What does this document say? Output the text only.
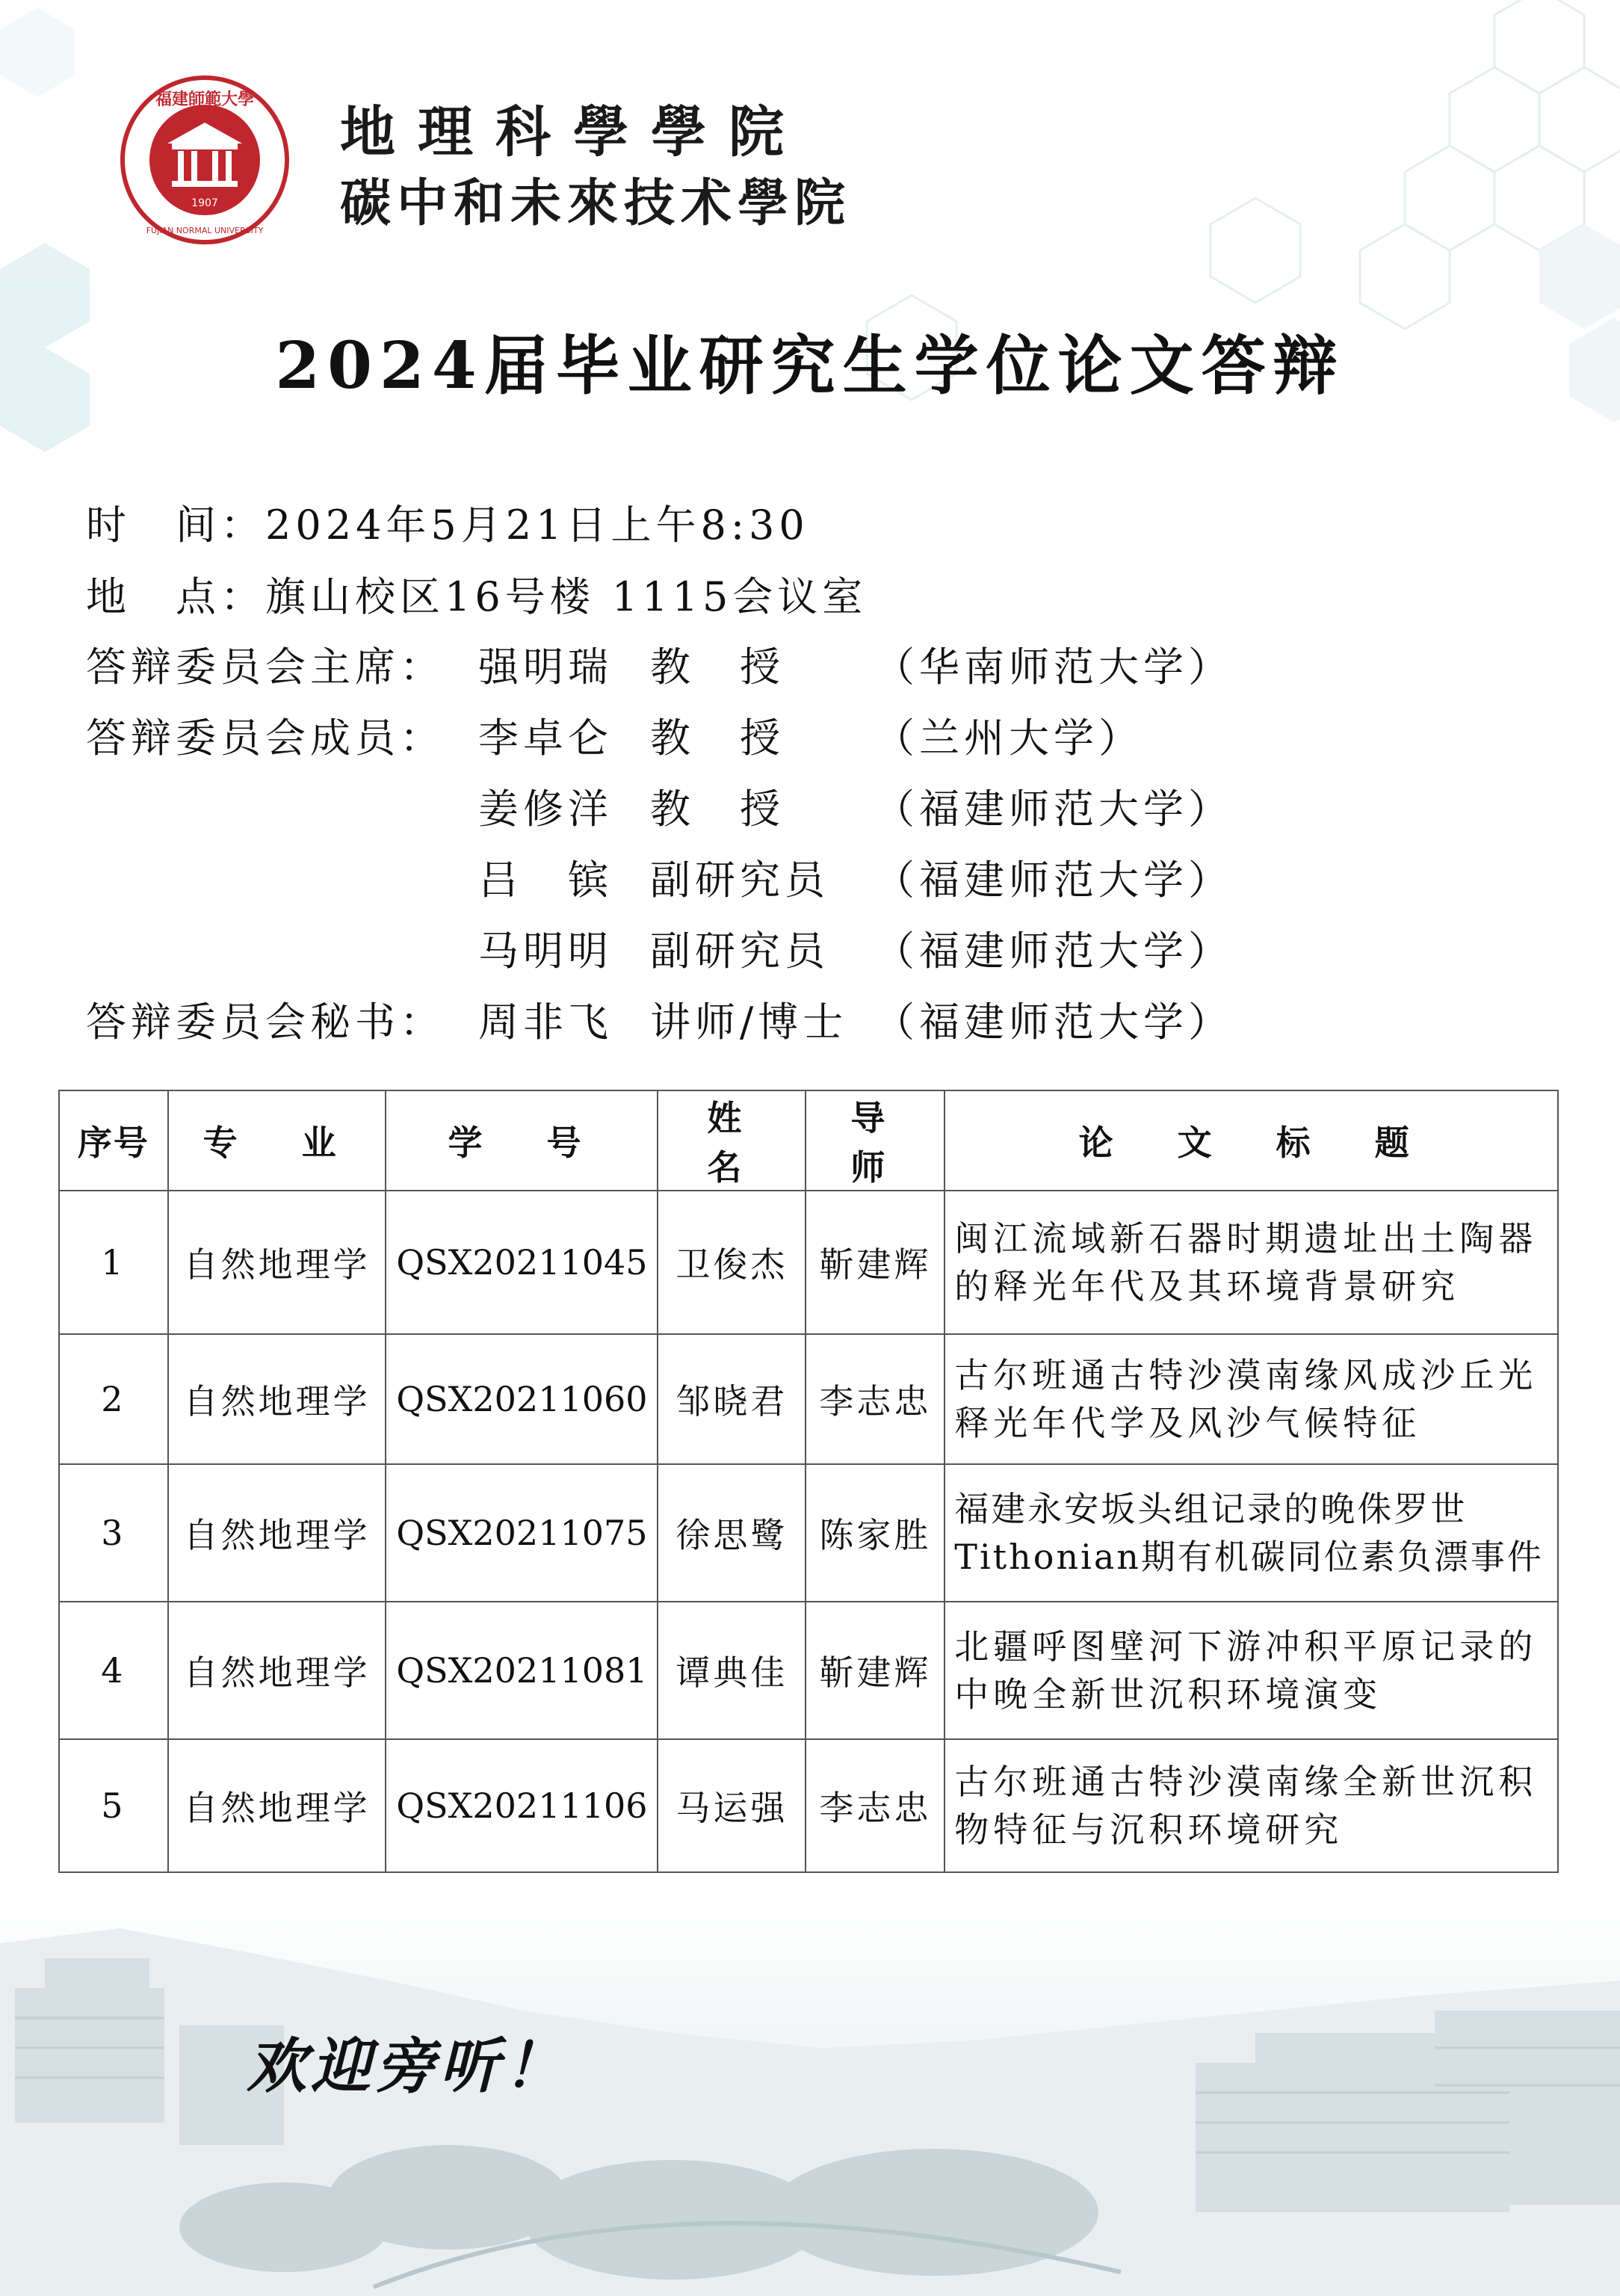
1907
福建師範大學
FUJIAN NORMAL UNIVERSITY
地理科學學院
碳中和未來技术學院
2024届毕业研究生学位论文答辩
时　间：2024年5月21日上午8:30
地　点：旗山校区16号楼 1115会议室
答辩委员会主席： 强明瑞 教　授 （华南师范大学）
答辩委员会成员： 李卓仑 教　授 （兰州大学）
姜修洋 教　授 （福建师范大学）
吕　镔 副研究员 （福建师范大学）
马明明 副研究员 （福建师范大学）
答辩委员会秘书： 周非飞 讲师/博士 （福建师范大学）
序号	专　业	学　号	姓　名	导　师	论　文　标　题
1	自然地理学	QSX20211045	卫俊杰	靳建辉	闽江流域新石器时期遗址出土陶器的释光年代及其环境背景研究
2	自然地理学	QSX20211060	邹晓君	李志忠	古尔班通古特沙漠南缘风成沙丘光释光年代学及风沙气候特征
3	自然地理学	QSX20211075	徐思鹭	陈家胜	福建永安坂头组记录的晚侏罗世Tithonian期有机碳同位素负漂事件
4	自然地理学	QSX20211081	谭典佳	靳建辉	北疆呼图壁河下游冲积平原记录的中晚全新世沉积环境演变
5	自然地理学	QSX20211106	马运强	李志忠	古尔班通古特沙漠南缘全新世沉积物特征与沉积环境研究
欢迎旁听！
